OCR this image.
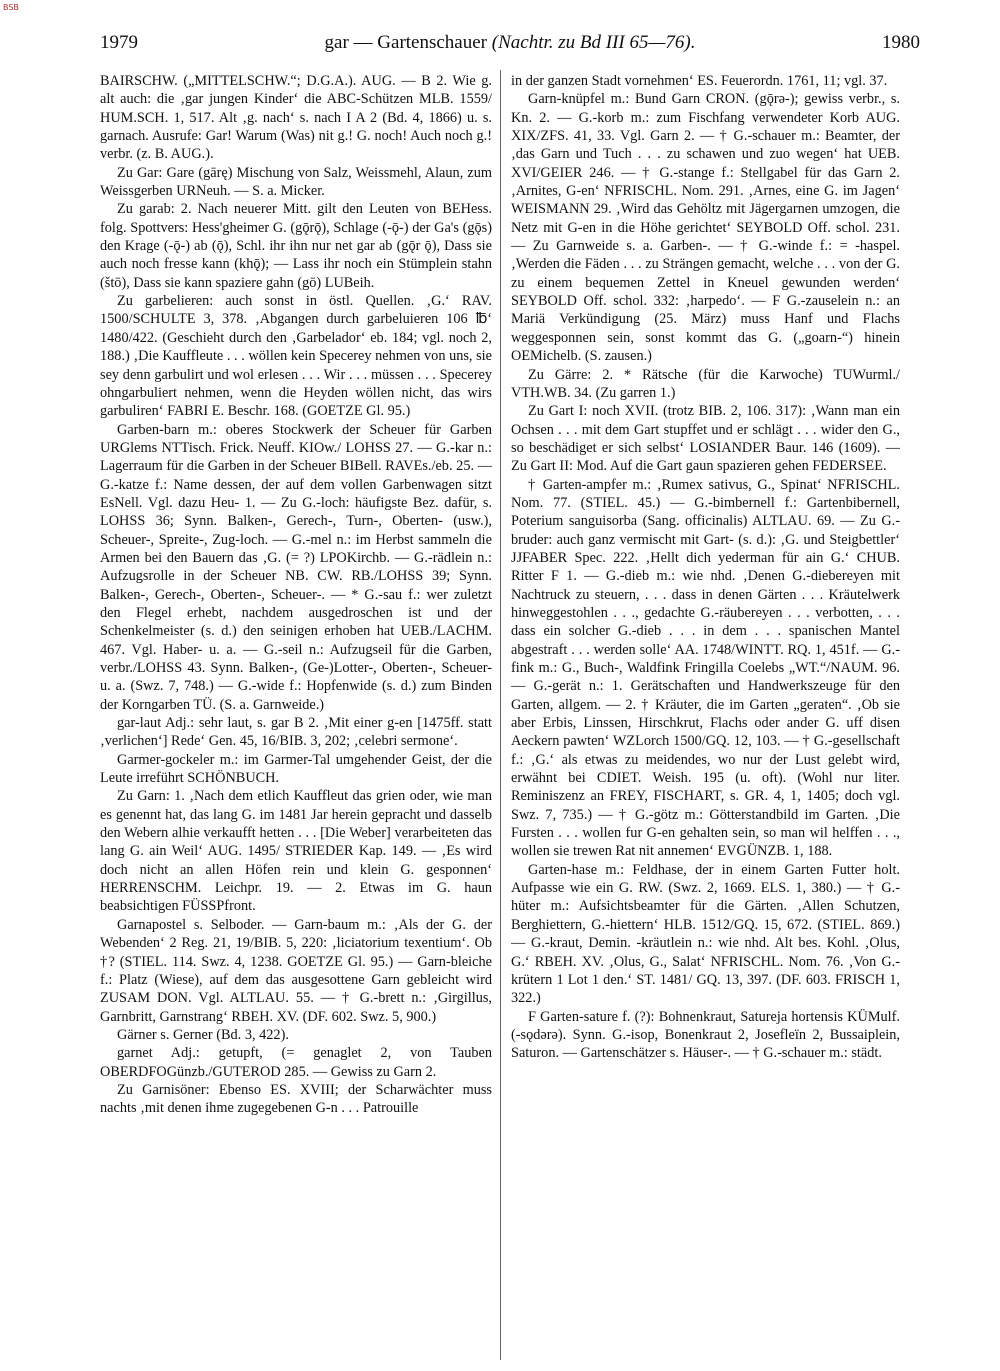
BSB
1979	gar — Gartenschauer (Nachtr. zu Bd III 65—76).	1980

BAIRSCHW. („MITTELSCHW.“; D.G.A.). AUG. — B 2. Wie g. alt auch: die ‚gar jungen Kinder‘ die ABC-Schützen MLB. 1559/ HUM.SCH. 1, 517. Alt ‚g. nach‘ s. nach I A 2 (Bd. 4, 1866) u. s. garnach. Ausrufe: Gar! Warum (Was) nit g.! G. noch! Auch noch g.! verbr. (z. B. AUG.).

Zu Gar: Gare (gārę) Mischung von Salz, Weissmehl, Alaun, zum Weissgerben URNeuh. — S. a. Micker.

Zu garab: 2. Nach neuerer Mitt. gilt den Leuten von BEHess. folg. Spottvers: Hess'gheimer G. (gǭrǭ), Schlage (-ǭ-) der Ga's (gǭs) den Krage (-ǭ-) ab (ǭ), Schl. ihr ihn nur net gar ab (gǭr ǭ), Dass sie auch noch fresse kann (khǭ); — Lass ihr noch ein Stümplein stahn (štō), Dass sie kann spaziere gahn (gō) LUBeih.

Zu garbelieren: auch sonst in östl. Quellen. ‚G.‘ RAV. 1500/SCHULTE 3, 378. ‚Abgangen durch garbeluieren 106 ℔‘ 1480/422. (Geschieht durch den ‚Garbelador‘ eb. 184; vgl. noch 2, 188.) ‚Die Kauffleute . . . wöllen kein Specerey nehmen von uns, sie sey denn garbulirt und wol erlesen . . . Wir . . . müssen . . . Specerey ohngarbuliert nehmen, wenn die Heyden wöllen nicht, das wirs garbuliren‘ FABRI E. Beschr. 168. (GOETZE Gl. 95.)

Garben-barn m.: oberes Stockwerk der Scheuer für Garben URGlems NTTisch. Frick. Neuff. KIOw./ LOHSS 27. — G.-kar n.: Lagerraum für die Garben in der Scheuer BIBell. RAVEs./eb. 25. — G.-katze f.: Name dessen, der auf dem vollen Garbenwagen sitzt EsNell. Vgl. dazu Heu- 1. — Zu G.-loch: häufigste Bez. dafür, s. LOHSS 36; Synn. Balken-, Gerech-, Turn-, Oberten- (usw.), Scheuer-, Spreite-, Zug-loch. — G.-mel n.: im Herbst sammeln die Armen bei den Bauern das ‚G. (= ?) LPOKirchb. — G.-rädlein n.: Aufzugsrolle in der Scheuer NB. CW. RB./LOHSS 39; Synn. Balken-, Gerech-, Oberten-, Scheuer-. — * G.-sau f.: wer zuletzt den Flegel erhebt, nachdem ausgedroschen ist und der Schenkelmeister (s. d.) den seinigen erhoben hat UEB./LACHM. 467. Vgl. Haber- u. a. — G.-seil n.: Aufzugseil für die Garben, verbr./LOHSS 43. Synn. Balken-, (Ge-)Lotter-, Oberten-, Scheuer- u. a. (Swz. 7, 748.) — G.-wide f.: Hopfenwide (s. d.) zum Binden der Korngarben TÜ. (S. a. Garnweide.)

gar-laut Adj.: sehr laut, s. gar B 2. ‚Mit einer g-en [1475ff. statt ‚verlichen‘] Rede‘ Gen. 45, 16/BIB. 3, 202; ‚celebri sermone‘.

Garmer-gockeler m.: im Garmer-Tal umgehender Geist, der die Leute irreführt SCHÖNBUCH.

Zu Garn: 1. ‚Nach dem etlich Kauffleut das grien oder, wie man es genennt hat, das lang G. im 1481 Jar herein gepracht und dasselb den Webern alhie verkaufft hetten . . . [Die Weber] verarbeiteten das lang G. ain Weil‘ AUG. 1495/ STRIEDER Kap. 149. — ‚Es wird doch nicht an allen Höfen rein und klein G. gesponnen‘ HERRENSCHM. Leichpr. 19. — 2. Etwas im G. haun beabsichtigen FÜSSPfront.

Garnapostel s. Selboder. — Garn-baum m.: ‚Als der G. der Webenden‘ 2 Reg. 21, 19/BIB. 5, 220: ‚liciatorium texentium‘. Ob †? (STIEL. 114. Swz. 4, 1238. GOETZE Gl. 95.) — Garn-bleiche f.: Platz (Wiese), auf dem das ausgesottene Garn gebleicht wird ZUSAM DON. Vgl. ALTLAU. 55. — † G.-brett n.: ‚Girgillus, Garnbritt, Garnstrang‘ RBEH. XV. (DF. 602. Swz. 5, 900.)

Gärner s. Gerner (Bd. 3, 422).

garnet Adj.: getupft, (= genaglet 2, von Tauben OBERDFOGünzb./GUTEROD 285. — Gewiss zu Garn 2.

Zu Garnisöner: Ebenso ES. XVIII; der Scharwächter muss nachts ‚mit denen ihme zugegebenen G-n . . . Patrouille

in der ganzen Stadt vornehmen‘ ES. Feuerordn. 1761, 11; vgl. 37.

Garn-knüpfel m.: Bund Garn CRON. (gǭrə-); gewiss verbr., s. Kn. 2. — G.-korb m.: zum Fischfang verwendeter Korb AUG. XIX/ZFS. 41, 33. Vgl. Garn 2. — † G.-schauer m.: Beamter, der ‚das Garn und Tuch . . . zu schawen und zuo wegen‘ hat UEB. XVI/GEIER 246. — † G.-stange f.: Stellgabel für das Garn 2. ‚Arnites, G-en‘ NFRISCHL. Nom. 291. ‚Arnes, eine G. im Jagen‘ WEISMANN 29. ‚Wird das Gehöltz mit Jägergarnen umzogen, die Netz mit G-en in die Höhe gerichtet‘ SEYBOLD Off. schol. 231. — Zu Garnweide s. a. Garben-. — † G.-winde f.: = -haspel. ‚Werden die Fäden . . . zu Strängen gemacht, welche . . . von der G. zu einem bequemen Zettel in Kneuel gewunden werden‘ SEYBOLD Off. schol. 332: ‚harpedo‘. — F G.-zauselein n.: an Mariä Verkündigung (25. März) muss Hanf und Flachs weggesponnen sein, sonst kommt das G. („goarn-“) hinein OEMichelb. (S. zausen.)

Zu Gärre: 2. * Rätsche (für die Karwoche) TUWurml./ VTH.WB. 34. (Zu garren 1.)

Zu Gart I: noch XVII. (trotz BIB. 2, 106. 317): ‚Wann man ein Ochsen . . . mit dem Gart stupffet und er schlägt . . . wider den G., so beschädiget er sich selbst‘ LOSIANDER Baur. 146 (1609). — Zu Gart II: Mod. Auf die Gart gaun spazieren gehen FEDERSEE.

† Garten-ampfer m.: ‚Rumex sativus, G., Spinat‘ NFRISCHL. Nom. 77. (STIEL. 45.) — G.-bimbernell f.: Gartenbibernell, Poterium sanguisorba (Sang. officinalis) ALTLAU. 69. — Zu G.-bruder: auch ganz vermischt mit Gart- (s. d.): ‚G. und Steigbettler‘ JJFABER Spec. 222. ‚Hellt dich yederman für ain G.‘ CHUB. Ritter F 1. — G.-dieb m.: wie nhd. ‚Denen G.-diebereyen mit Nachtruck zu steuern, . . . dass in denen Gärten . . . Kräutelwerk hinweggestohlen . . ., gedachte G.-räubereyen . . . verbotten, . . . dass ein solcher G.-dieb . . . in dem . . . spanischen Mantel abgestraft . . . werden solle‘ AA. 1748/WINTT. RQ. 1, 451f. — G.-fink m.: G., Buch-, Waldfink Fringilla Coelebs „WT.“/NAUM. 96. — G.-gerät n.: 1. Gerätschaften und Handwerkszeuge für den Garten, allgem. — 2. † Kräuter, die im Garten „geraten“. ‚Ob sie aber Erbis, Linssen, Hirschkrut, Flachs oder ander G. uff disen Aeckern pawten‘ WZLorch 1500/GQ. 12, 103. — † G.-gesellschaft f.: ‚G.‘ als etwas zu meidendes, wo nur der Lust gelebt wird, erwähnt bei CDIET. Weish. 195 (u. oft). (Wohl nur liter. Reminiszenz an FREY, FISCHART, s. GR. 4, 1, 1405; doch vgl. Swz. 7, 735.) — † G.-götz m.: Götterstandbild im Garten. ‚Die Fursten . . . wollen fur G-en gehalten sein, so man wil helffen . . ., wollen sie trewen Rat nit annemen‘ EVGÜNZB. 1, 188.

Garten-hase m.: Feldhase, der in einem Garten Futter holt. Aufpasse wie ein G. RW. (Swz. 2, 1669. ELS. 1, 380.) — † G.-hüter m.: Aufsichtsbeamter für die Gärten. ‚Allen Schutzen, Berghiettern, G.-hiettern‘ HLB. 1512/GQ. 15, 672. (STIEL. 869.) — G.-kraut, Demin. -kräutlein n.: wie nhd. Alt bes. Kohl. ‚Olus, G.‘ RBEH. XV. ‚Olus, G., Salat‘ NFRISCHL. Nom. 76. ‚Von G.-krütern 1 Lot 1 den.‘ ST. 1481/ GQ. 13, 397. (DF. 603. FRISCH 1, 322.)

F Garten-sature f. (?): Bohnenkraut, Satureja hortensis KÜMulf. (-sǫdərə). Synn. G.-isop, Bonenkraut 2, Josefleïn 2, Bussaiplein, Saturon. — Gartenschätzer s. Häuser-. — † G.-schauer m.: städt.
